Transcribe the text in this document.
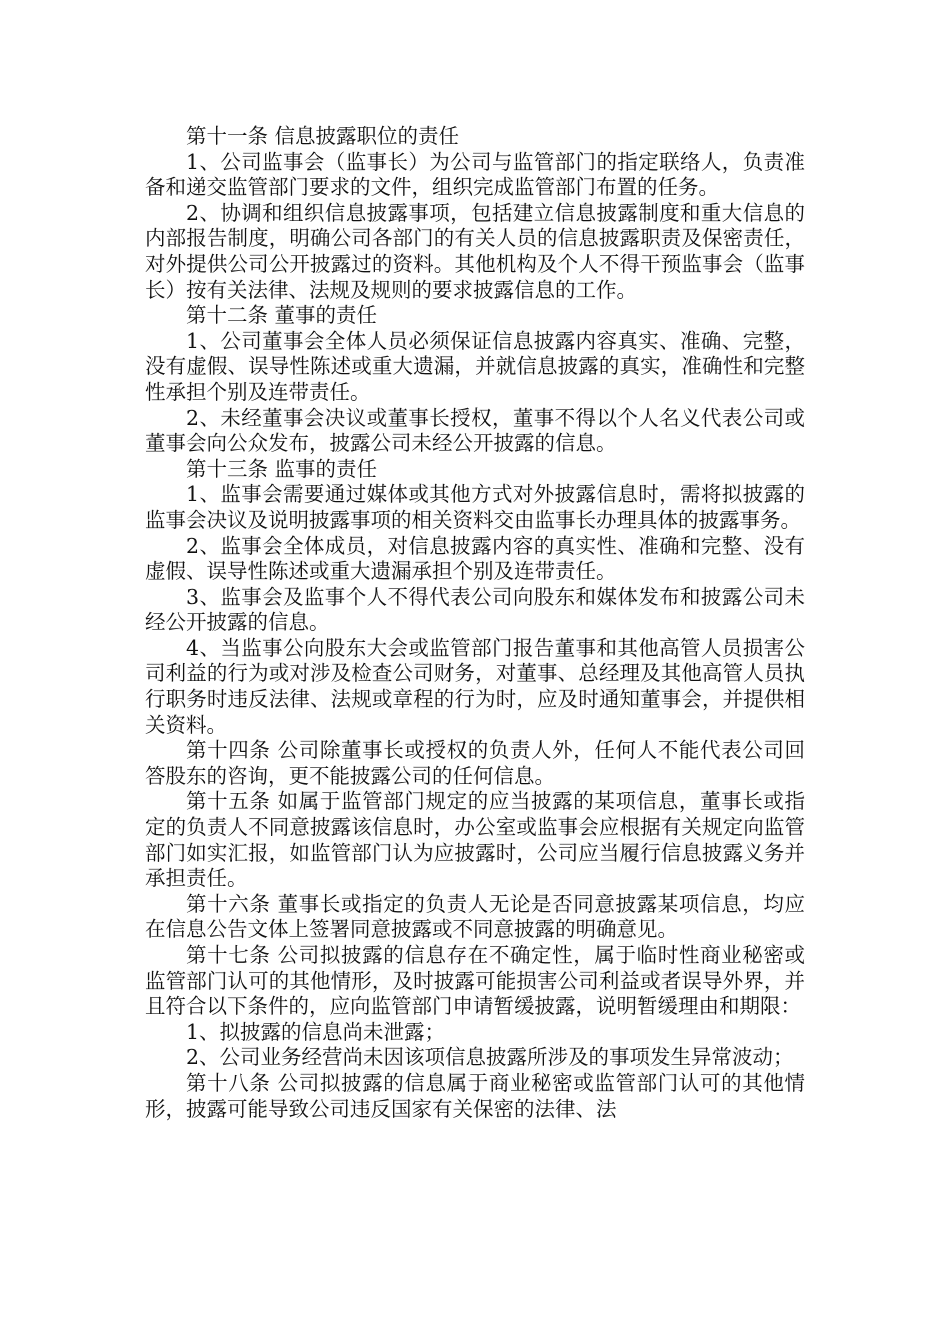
第十一条 信息披露职位的责任

1、公司监事会（监事长）为公司与监管部门的指定联络人，负责准备和递交监管部门要求的文件，组织完成监管部门布置的任务。

2、协调和组织信息披露事项，包括建立信息披露制度和重大信息的内部报告制度，明确公司各部门的有关人员的信息披露职责及保密责任，对外提供公司公开披露过的资料。其他机构及个人不得干预监事会（监事长）按有关法律、法规及规则的要求披露信息的工作。

第十二条 董事的责任

1、公司董事会全体人员必须保证信息披露内容真实、准确、完整，没有虚假、误导性陈述或重大遗漏，并就信息披露的真实，准确性和完整性承担个别及连带责任。

2、未经董事会决议或董事长授权，董事不得以个人名义代表公司或董事会向公众发布，披露公司未经公开披露的信息。

第十三条 监事的责任

1、监事会需要通过媒体或其他方式对外披露信息时，需将拟披露的监事会决议及说明披露事项的相关资料交由监事长办理具体的披露事务。

2、监事会全体成员，对信息披露内容的真实性、准确和完整、没有虚假、误导性陈述或重大遗漏承担个别及连带责任。

3、监事会及监事个人不得代表公司向股东和媒体发布和披露公司未经公开披露的信息。

4、当监事公向股东大会或监管部门报告董事和其他高管人员损害公司利益的行为或对涉及检查公司财务，对董事、总经理及其他高管人员执行职务时违反法律、法规或章程的行为时，应及时通知董事会，并提供相关资料。

第十四条 公司除董事长或授权的负责人外，任何人不能代表公司回答股东的咨询，更不能披露公司的任何信息。

第十五条 如属于监管部门规定的应当披露的某项信息，董事长或指定的负责人不同意披露该信息时，办公室或监事会应根据有关规定向监管部门如实汇报，如监管部门认为应披露时，公司应当履行信息披露义务并承担责任。

第十六条 董事长或指定的负责人无论是否同意披露某项信息，均应在信息公告文体上签署同意披露或不同意披露的明确意见。

第十七条 公司拟披露的信息存在不确定性，属于临时性商业秘密或监管部门认可的其他情形，及时披露可能损害公司利益或者误导外界，并且符合以下条件的，应向监管部门申请暂缓披露，说明暂缓理由和期限：

1、拟披露的信息尚未泄露；

2、公司业务经营尚未因该项信息披露所涉及的事项发生异常波动；

第十八条 公司拟披露的信息属于商业秘密或监管部门认可的其他情形，披露可能导致公司违反国家有关保密的法律、法
